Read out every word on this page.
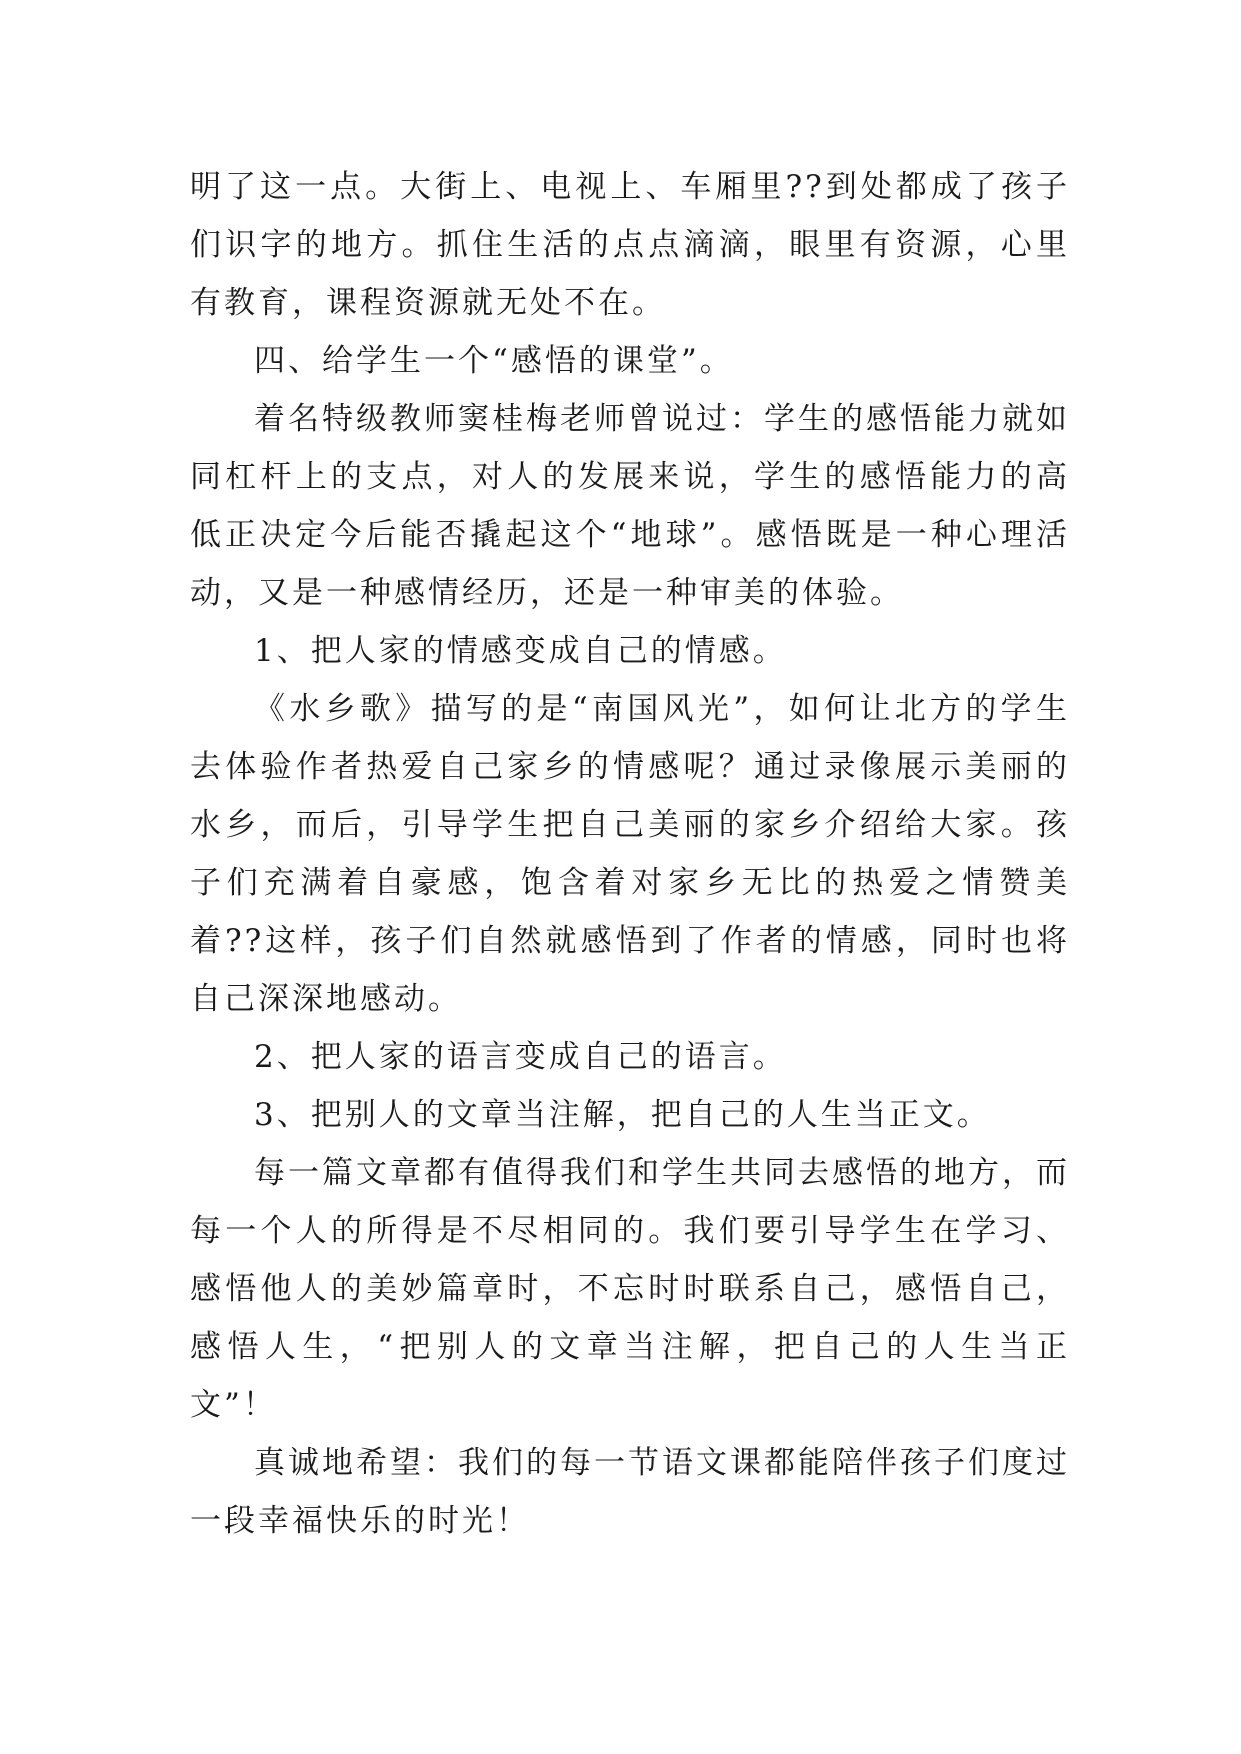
明了这一点。大街上、电视上、车厢里??到处都成了孩子们识字的地方。抓住生活的点点滴滴，眼里有资源，心里有教育，课程资源就无处不在。

四、给学生一个“感悟的课堂”。

着名特级教师窦桂梅老师曾说过：学生的感悟能力就如同杠杆上的支点，对人的发展来说，学生的感悟能力的高低正决定今后能否撬起这个“地球”。感悟既是一种心理活动，又是一种感情经历，还是一种审美的体验。

1、把人家的情感变成自己的情感。

《水乡歌》描写的是“南国风光”，如何让北方的学生去体验作者热爱自己家乡的情感呢？通过录像展示美丽的水乡，而后，引导学生把自己美丽的家乡介绍给大家。孩子们充满着自豪感，饱含着对家乡无比的热爱之情赞美着??这样，孩子们自然就感悟到了作者的情感，同时也将自己深深地感动。

2、把人家的语言变成自己的语言。

3、把别人的文章当注解，把自己的人生当正文。

每一篇文章都有值得我们和学生共同去感悟的地方，而每一个人的所得是不尽相同的。我们要引导学生在学习、感悟他人的美妙篇章时，不忘时时联系自己，感悟自己，感悟人生，“把别人的文章当注解，把自己的人生当正文”！

真诚地希望：我们的每一节语文课都能陪伴孩子们度过一段幸福快乐的时光！
